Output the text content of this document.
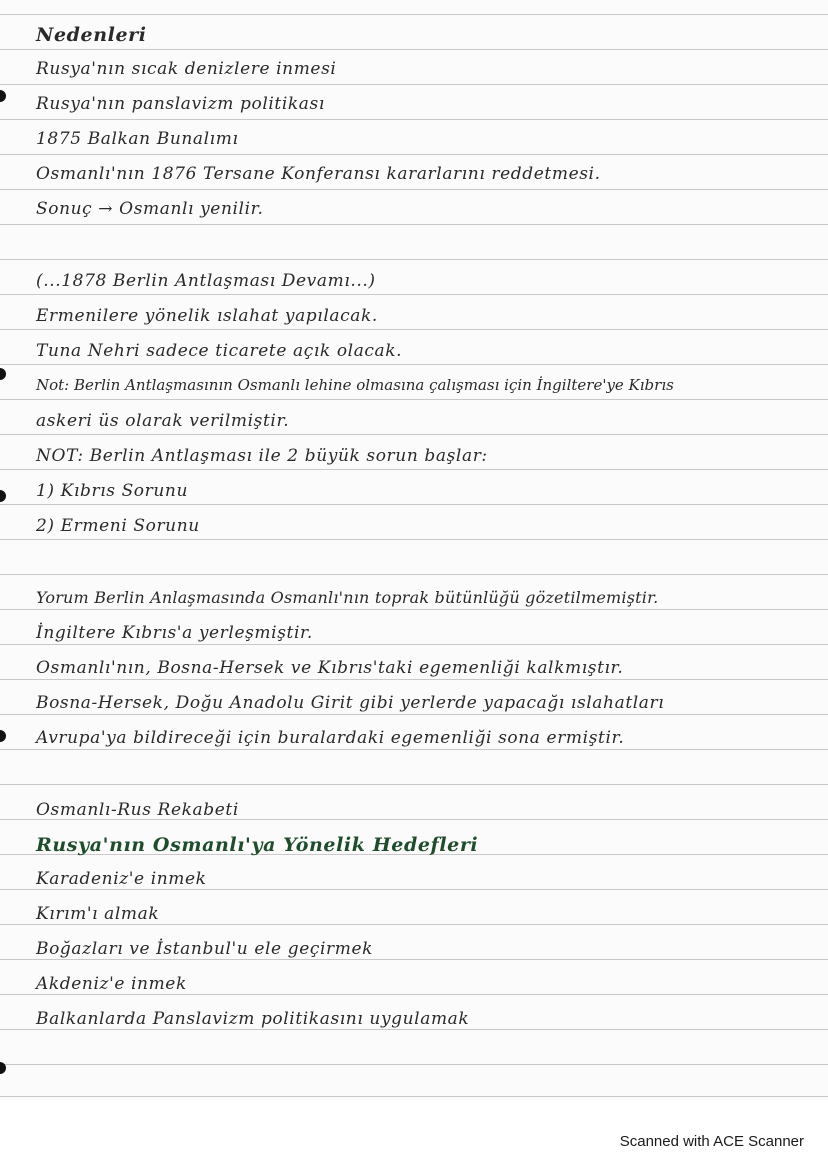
Nedenleri
Rusya'nın sıcak denizlere inmesi
Rusya'nın panslavizm politikası
1875 Balkan Bunalımı
Osmanlı'nın 1876 Tersane Konferansı kararlarını reddetmesi.
Sonuç → Osmanlı yenilir.
(...1878 Berlin Antlaşması Devamı...)
Ermenilere yönelik ıslahat yapılacak.
Tuna Nehri sadece ticarete açık olacak.
Not: Berlin Antlaşmasının Osmanlı lehine olmasına çalışması için İngiltere'ye Kıbrıs
askeri üs olarak verilmiştir.
NOT: Berlin Antlaşması ile 2 büyük sorun başlar:
1) Kıbrıs Sorunu
2) Ermeni Sorunu
Yorum Berlin Anlaşmasında Osmanlı'nın toprak bütünlüğü gözetilmemiştir.
İngiltere Kıbrıs'a yerleşmiştir.
Osmanlı'nın, Bosna-Hersek ve Kıbrıs'taki egemenliği kalkmıştır.
Bosna-Hersek, Doğu Anadolu Girit gibi yerlerde yapacağı ıslahatları
Avrupa'ya bildireceği için buralardaki egemenliği sona ermiştir.
Osmanlı-Rus Rekabeti
Rusya'nın Osmanlı'ya Yönelik Hedefleri
Karadeniz'e inmek
Kırım'ı almak
Boğazları ve İstanbul'u ele geçirmek
Akdeniz'e inmek
Balkanlarda Panslavizm politikasını uygulamak
Scanned with ACE Scanner
